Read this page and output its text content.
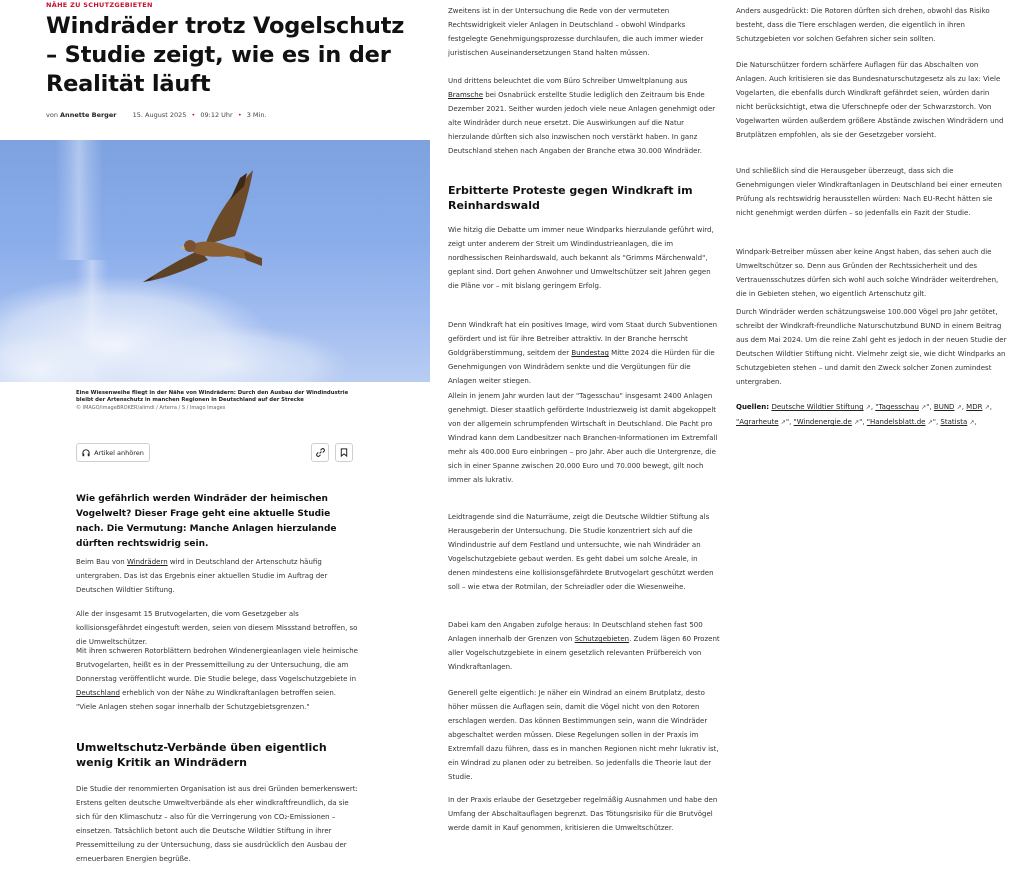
NÄHE ZU SCHUTZGEBIETEN
Windräder trotz Vogelschutz – Studie zeigt, wie es in der Realität läuft
von Annette Berger 15. August 2025 • 09:12 Uhr • 3 Min.
Eine Wiesenweihe fliegt in der Nähe von Windrädern: Durch den Ausbau der Windindustrie bleibt der Artenschutz in manchen Regionen in Deutschland auf der Strecke
© IMAGO/imageBROKER/alimdi / Arterra / S / Imago Images
Artikel anhören
Wie gefährlich werden Windräder der heimischen Vogelwelt? Dieser Frage geht eine aktuelle Studie nach. Die Vermutung: Manche Anlagen hierzulande dürften rechtswidrig sein.

Beim Bau von Windrädern wird in Deutschland der Artenschutz häufig untergraben. Das ist das Ergebnis einer aktuellen Studie im Auftrag der Deutschen Wildtier Stiftung.

Alle der insgesamt 15 Brutvogelarten, die vom Gesetzgeber als kollisionsgefährdet eingestuft werden, seien von diesem Missstand betroffen, so die Umweltschützer.

Mit ihren schweren Rotorblättern bedrohen Windenergieanlagen viele heimische Brutvogelarten, heißt es in der Pressemitteilung zu der Untersuchung, die am Donnerstag veröffentlicht wurde. Die Studie belege, dass Vogelschutzgebiete in Deutschland erheblich von der Nähe zu Windkraftanlagen betroffen seien. "Viele Anlagen stehen sogar innerhalb der Schutzgebietsgrenzen."

Umweltschutz-Verbände üben eigentlich wenig Kritik an Windrädern

Die Studie der renommierten Organisation ist aus drei Gründen bemerkenswert: Erstens gelten deutsche Umweltverbände als eher windkraftfreundlich, da sie sich für den Klimaschutz – also für die Verringerung von CO₂-Emissionen – einsetzen. Tatsächlich betont auch die Deutsche Wildtier Stiftung in ihrer Pressemitteilung zu der Untersuchung, dass sie ausdrücklich den Ausbau der erneuerbaren Energien begrüße.

Zweitens ist in der Untersuchung die Rede von der vermuteten Rechtswidrigkeit vieler Anlagen in Deutschland – obwohl Windparks festgelegte Genehmigungsprozesse durchlaufen, die auch immer wieder juristischen Auseinandersetzungen Stand halten müssen.

Und drittens beleuchtet die vom Büro Schreiber Umweltplanung aus Bramsche bei Osnabrück erstellte Studie lediglich den Zeitraum bis Ende Dezember 2021. Seither wurden jedoch viele neue Anlagen genehmigt oder alte Windräder durch neue ersetzt. Die Auswirkungen auf die Natur hierzulande dürften sich also inzwischen noch verstärkt haben. In ganz Deutschland stehen nach Angaben der Branche etwa 30.000 Windräder.

Erbitterte Proteste gegen Windkraft im Reinhardswald

Wie hitzig die Debatte um immer neue Windparks hierzulande geführt wird, zeigt unter anderem der Streit um Windindustrieanlagen, die im nordhessischen Reinhardswald, auch bekannt als "Grimms Märchenwald", geplant sind. Dort gehen Anwohner und Umweltschützer seit Jahren gegen die Pläne vor – mit bislang geringem Erfolg.

Denn Windkraft hat ein positives Image, wird vom Staat durch Subventionen gefördert und ist für ihre Betreiber attraktiv. In der Branche herrscht Goldgräberstimmung, seitdem der Bundestag Mitte 2024 die Hürden für die Genehmigungen von Windrädern senkte und die Vergütungen für die Anlagen weiter stiegen.

Allein in jenem Jahr wurden laut der "Tagesschau" insgesamt 2400 Anlagen genehmigt. Dieser staatlich geförderte Industriezweig ist damit abgekoppelt von der allgemein schrumpfenden Wirtschaft in Deutschland. Die Pacht pro Windrad kann dem Landbesitzer nach Branchen-Informationen im Extremfall mehr als 400.000 Euro einbringen – pro Jahr. Aber auch die Untergrenze, die sich in einer Spanne zwischen 20.000 Euro und 70.000 bewegt, gilt noch immer als lukrativ.

Leidtragende sind die Naturräume, zeigt die Deutsche Wildtier Stiftung als Herausgeberin der Untersuchung. Die Studie konzentriert sich auf die Windindustrie auf dem Festland und untersuchte, wie nah Windräder an Vogelschutzgebiete gebaut werden. Es geht dabei um solche Areale, in denen mindestens eine kollisionsgefährdete Brutvogelart geschützt werden soll – wie etwa der Rotmilan, der Schreiadler oder die Wiesenweihe.

Dabei kam den Angaben zufolge heraus: In Deutschland stehen fast 500 Anlagen innerhalb der Grenzen von Schutzgebieten. Zudem lägen 60 Prozent aller Vogelschutzgebiete in einem gesetzlich relevanten Prüfbereich von Windkraftanlagen.

Generell gelte eigentlich: Je näher ein Windrad an einem Brutplatz, desto höher müssen die Auflagen sein, damit die Vögel nicht von den Rotoren erschlagen werden. Das können Bestimmungen sein, wann die Windräder abgeschaltet werden müssen. Diese Regelungen sollen in der Praxis im Extremfall dazu führen, dass es in manchen Regionen nicht mehr lukrativ ist, ein Windrad zu planen oder zu betreiben. So jedenfalls die Theorie laut der Studie.

In der Praxis erlaube der Gesetzgeber regelmäßig Ausnahmen und habe den Umfang der Abschaltauflagen begrenzt. Das Tötungsrisiko für die Brutvögel werde damit in Kauf genommen, kritisieren die Umweltschützer.

Anders ausgedrückt: Die Rotoren dürften sich drehen, obwohl das Risiko besteht, dass die Tiere erschlagen werden, die eigentlich in ihren Schutzgebieten vor solchen Gefahren sicher sein sollten.

Die Naturschützer fordern schärfere Auflagen für das Abschalten von Anlagen. Auch kritisieren sie das Bundesnaturschutzgesetz als zu lax: Viele Vogelarten, die ebenfalls durch Windkraft gefährdet seien, würden darin nicht berücksichtigt, etwa die Uferschnepfe oder der Schwarzstorch. Von Vogelwarten würden außerdem größere Abstände zwischen Windrädern und Brutplätzen empfohlen, als sie der Gesetzgeber vorsieht.

Und schließlich sind die Herausgeber überzeugt, dass sich die Genehmigungen vieler Windkraftanlagen in Deutschland bei einer erneuten Prüfung als rechtswidrig herausstellen würden: Nach EU-Recht hätten sie nicht genehmigt werden dürfen – so jedenfalls ein Fazit der Studie.

Windpark-Betreiber müssen aber keine Angst haben, das sehen auch die Umweltschützer so. Denn aus Gründen der Rechtssicherheit und des Vertrauensschutzes dürfen sich wohl auch solche Windräder weiterdrehen, die in Gebieten stehen, wo eigentlich Artenschutz gilt.

Durch Windräder werden schätzungsweise 100.000 Vögel pro Jahr getötet, schreibt der Windkraft-freundliche Naturschutzbund BUND in einem Beitrag aus dem Mai 2024. Um die reine Zahl geht es jedoch in der neuen Studie der Deutschen Wildtier Stiftung nicht. Vielmehr zeigt sie, wie dicht Windparks an Schutzgebieten stehen – und damit den Zweck solcher Zonen zumindest untergraben.

Quellen: Deutsche Wildtier Stiftung ↗, "Tagesschau ↗", BUND ↗, MDR ↗, "Agrarheute ↗", "Windenergie.de ↗", "Handelsblatt.de ↗", Statista ↗,
